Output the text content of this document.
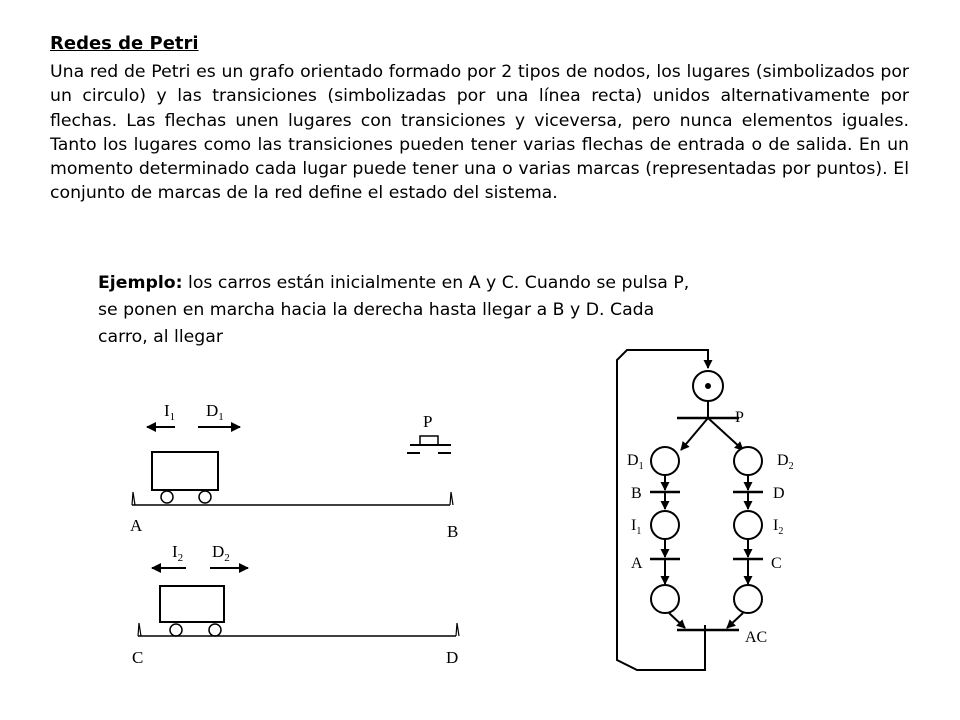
Redes de Petri
Una red de Petri es un grafo orientado formado por 2 tipos de nodos, los lugares (simbolizados por un circulo) y las transiciones (simbolizadas por una línea recta) unidos alternativamente por flechas. Las flechas unen lugares con transiciones y viceversa, pero nunca elementos iguales. Tanto los lugares como las transiciones pueden tener varias flechas de entrada o de salida. En un momento determinado cada lugar puede tener una o varias marcas (representadas por puntos). El conjunto de marcas de la red define el estado del sistema.
Ejemplo: los carros están inicialmente en A y C. Cuando se pulsa P,
se ponen en marcha hacia la derecha hasta llegar a B y D. Cada
carro, al llegar
$I_1$ $D_1$
A	B
P
$I_2$ $D_2$
C	D
P
$D_1$	$D_2$
B	D
$I_1$	$I_2$
A	C
AC
